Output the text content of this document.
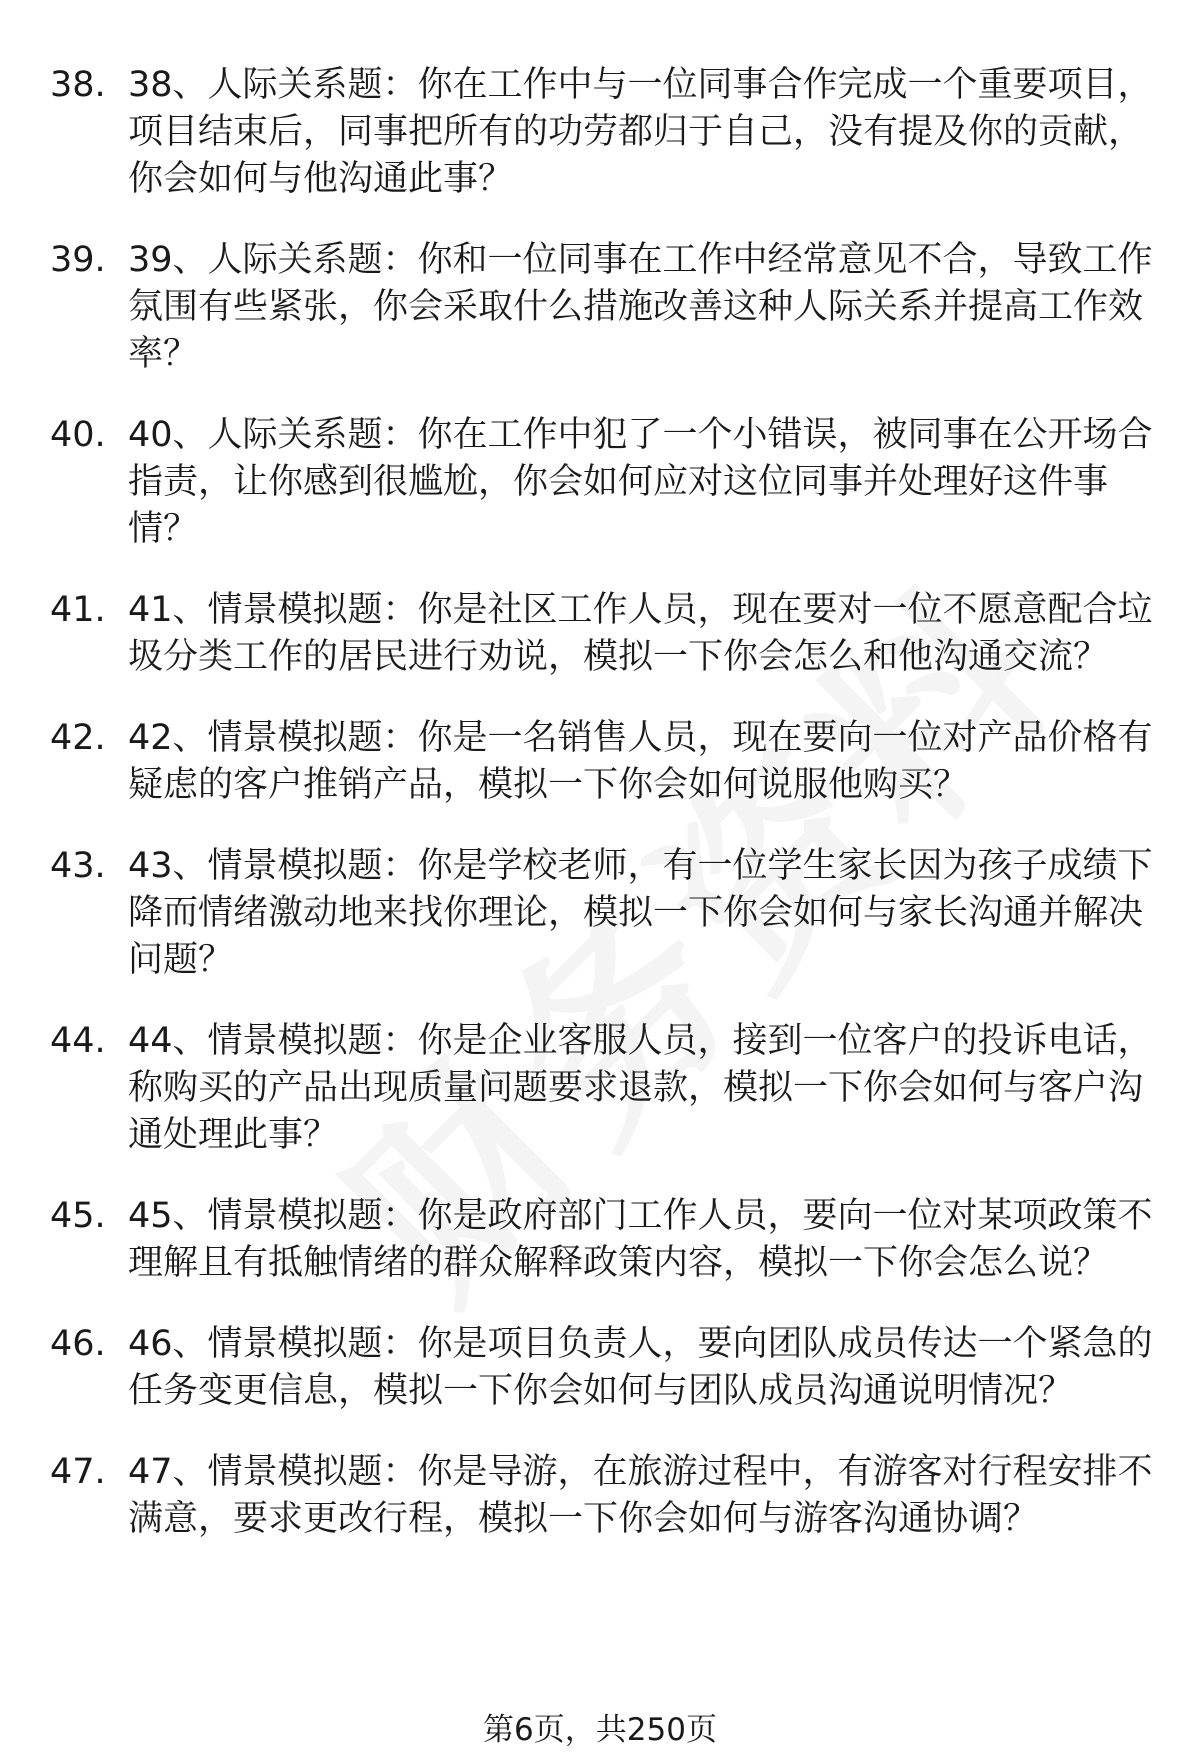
38. 38、人际关系题：你在工作中与一位同事合作完成一个重要项目，项目结束后，同事把所有的功劳都归于自己，没有提及你的贡献，你会如何与他沟通此事？
39. 39、人际关系题：你和一位同事在工作中经常意见不合，导致工作氛围有些紧张，你会采取什么措施改善这种人际关系并提高工作效率？
40. 40、人际关系题：你在工作中犯了一个小错误，被同事在公开场合指责，让你感到很尴尬，你会如何应对这位同事并处理好这件事情？
41. 41、情景模拟题：你是社区工作人员，现在要对一位不愿意配合垃圾分类工作的居民进行劝说，模拟一下你会怎么和他沟通交流？
42. 42、情景模拟题：你是一名销售人员，现在要向一位对产品价格有疑虑的客户推销产品，模拟一下你会如何说服他购买？
43. 43、情景模拟题：你是学校老师，有一位学生家长因为孩子成绩下降而情绪激动地来找你理论，模拟一下你会如何与家长沟通并解决问题？
44. 44、情景模拟题：你是企业客服人员，接到一位客户的投诉电话，称购买的产品出现质量问题要求退款，模拟一下你会如何与客户沟通处理此事？
45. 45、情景模拟题：你是政府部门工作人员，要向一位对某项政策不理解且有抵触情绪的群众解释政策内容，模拟一下你会怎么说？
46. 46、情景模拟题：你是项目负责人，要向团队成员传达一个紧急的任务变更信息，模拟一下你会如何与团队成员沟通说明情况？
47. 47、情景模拟题：你是导游，在旅游过程中，有游客对行程安排不满意，要求更改行程，模拟一下你会如何与游客沟通协调？
第6页，共250页
